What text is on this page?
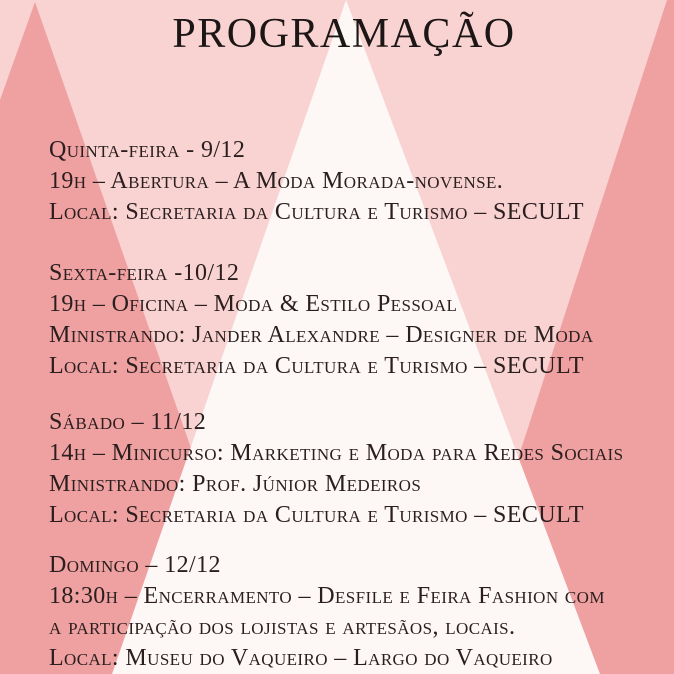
PROGRAMAÇÃO
Quinta-feira - 9/12
19h – Abertura – A Moda Morada-novense.
Local: Secretaria da Cultura e Turismo – SECULT
Sexta-feira -10/12
19h – Oficina – Moda & Estilo Pessoal
Ministrando: Jander Alexandre – Designer de Moda
Local: Secretaria da Cultura e Turismo – SECULT
Sábado – 11/12
14h – Minicurso: Marketing e Moda para Redes Sociais
Ministrando: Prof. Júnior Medeiros
Local: Secretaria da Cultura e Turismo – SECULT
Domingo – 12/12
18:30h – Encerramento – Desfile e Feira Fashion com
a participação dos lojistas e artesãos, locais.
Local: Museu do Vaqueiro – Largo do Vaqueiro
